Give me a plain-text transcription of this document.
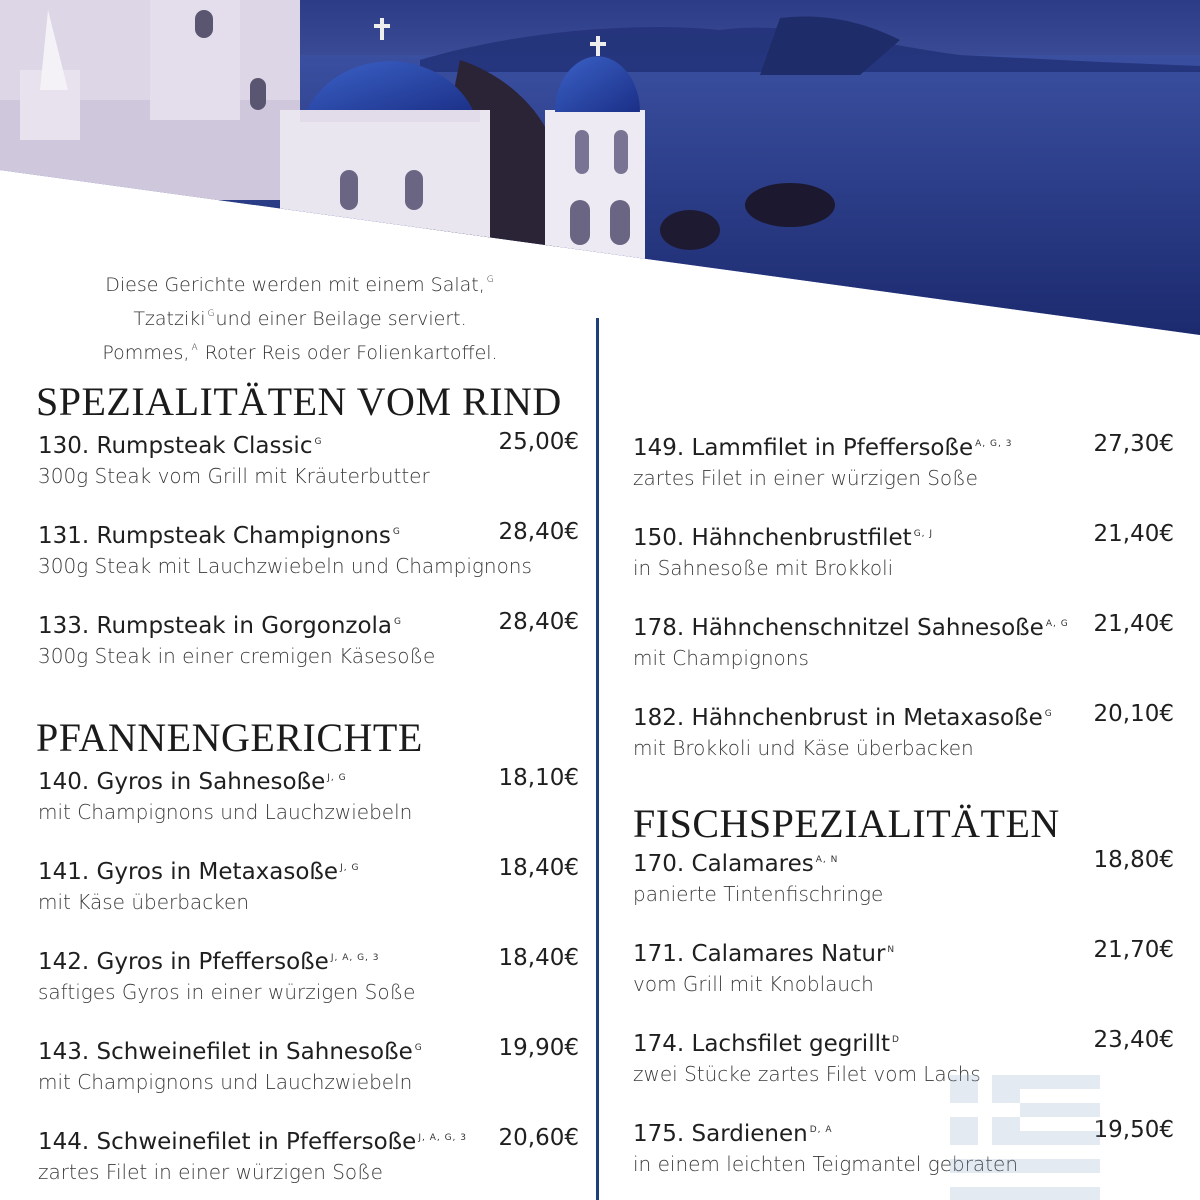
Diese Gerichte werden mit einem Salat, $^G$
Tzatziki $^G$und einer Beilage serviert.
Pommes, $^A$ Roter Reis oder Folienkartoffel.
SPEZIALITÄTEN VOM RIND
130. Rumpsteak Classic $^G$	25,00€
300g Steak vom Grill mit Kräuterbutter
131. Rumpsteak Champignons $^G$	28,40€
300g Steak mit Lauchzwiebeln und Champignons
133. Rumpsteak in Gorgonzola $^G$	28,40€
300g Steak in einer cremigen Käsesoße
PFANNENGERICHTE
140. Gyros in Sahnesoße $^{J, G}$	18,10€
mit Champignons und Lauchzwiebeln
141. Gyros in Metaxasoße $^{J, G}$	18,40€
mit Käse überbacken
142. Gyros in Pfeffersoße $^{J, A, G, 3}$	18,40€
saftiges Gyros in einer würzigen Soße
143. Schweinefilet in Sahnesoße $^G$	19,90€
mit Champignons und Lauchzwiebeln
144. Schweinefilet in Pfeffersoße $^{J, A, G, 3}$	20,60€
zartes Filet in einer würzigen Soße
149. Lammfilet in Pfeffersoße $^{A, G, 3}$	27,30€
zartes Filet in einer würzigen Soße
150. Hähnchenbrustfilet $^{G, J}$	21,40€
in Sahnesoße mit Brokkoli
178. Hähnchenschnitzel Sahnesoße $^{A, G}$	21,40€
mit Champignons
182. Hähnchenbrust in Metaxasoße $^G$	20,10€
mit Brokkoli und Käse überbacken
FISCHSPEZIALITÄTEN
170. Calamares $^{A, N}$	18,80€
panierte Tintenfischringe
171. Calamares Natur $^N$	21,70€
vom Grill mit Knoblauch
174. Lachsfilet gegrillt $^D$	23,40€
zwei Stücke zartes Filet vom Lachs
175. Sardienen $^{D, A}$	19,50€
in einem leichten Teigmantel gebraten
